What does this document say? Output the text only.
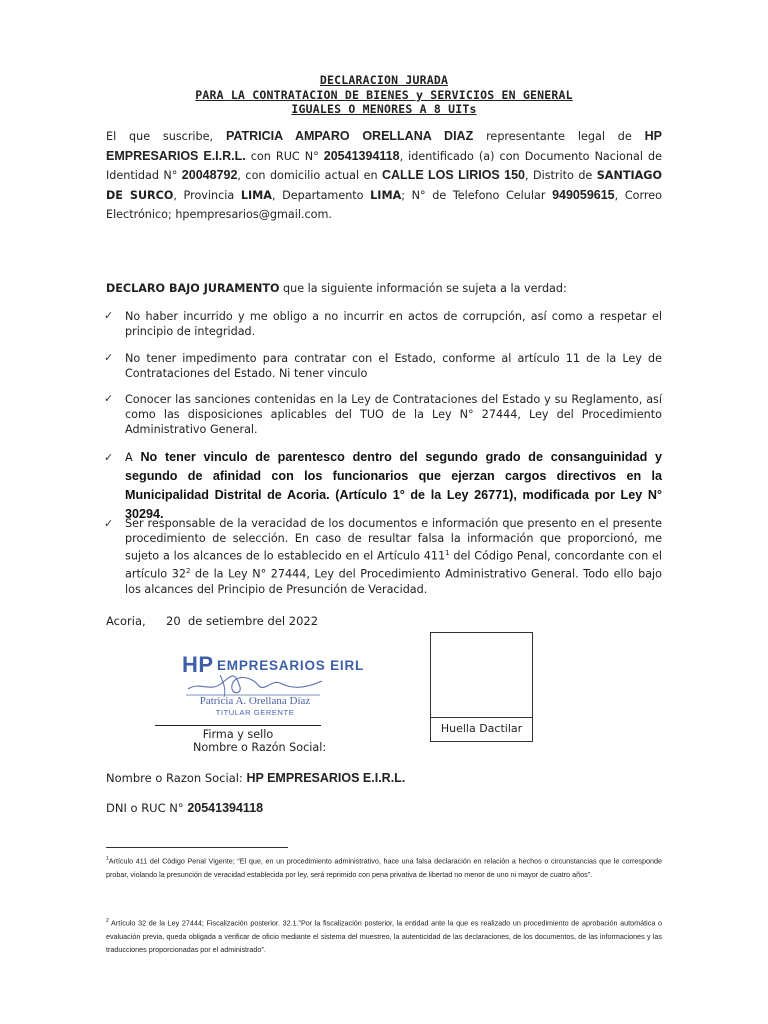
DECLARACION JURADA
PARA LA CONTRATACION DE BIENES y SERVICIOS EN GENERAL
IGUALES O MENORES A 8 UITs
El que suscribe, PATRICIA AMPARO ORELLANA DIAZ representante legal de HP EMPRESARIOS E.I.R.L. con RUC N° 20541394118, identificado (a) con Documento Nacional de Identidad N° 20048792, con domicilio actual en CALLE LOS LIRIOS 150, Distrito de SANTIAGO DE SURCO, Provincia LIMA, Departamento LIMA; N° de Telefono Celular 949059615, Correo Electrónico; hpempresarios@gmail.com.
DECLARO BAJO JURAMENTO que la siguiente información se sujeta a la verdad:
✓ No haber incurrido y me obligo a no incurrir en actos de corrupción, así como a respetar el principio de integridad.
✓ No tener impedimento para contratar con el Estado, conforme al artículo 11 de la Ley de Contrataciones del Estado. Ni tener vinculo
✓ Conocer las sanciones contenidas en la Ley de Contrataciones del Estado y su Reglamento, así como las disposiciones aplicables del TUO de la Ley N° 27444, Ley del Procedimiento Administrativo General.
✓ A No tener vinculo de parentesco dentro del segundo grado de consanguinidad y segundo de afinidad con los funcionarios que ejerzan cargos directivos en la Municipalidad Distrital de Acoria. (Artículo 1° de la Ley 26771), modificada por Ley N° 30294.
✓ Ser responsable de la veracidad de los documentos e información que presento en el presente procedimiento de selección. En caso de resultar falsa la información que proporcionó, me sujeto a los alcances de lo establecido en el Artículo $411^1$ del Código Penal, concordante con el artículo $32^2$ de la Ley N° 27444, Ley del Procedimiento Administrativo General. Todo ello bajo los alcances del Principio de Presunción de Veracidad.
Acoria, 20  de setiembre del 2022
HP EMPRESARIOS EIRL
Patricia A. Orellana Díaz
TITULAR GERENTE
Firma y sello
Nombre o Razón Social:
Huella Dactilar
Nombre o Razon Social: HP EMPRESARIOS E.I.R.L.
DNI o RUC N° 20541394118
$^1$Artículo 411 del Código Penal Vigente; “El que, en un procedimiento administrativo, hace una falsa declaración en relación a hechos o circunstancias que le corresponde probar, violando la presunción de veracidad establecida por ley, será reprimido con pena privativa de libertad no menor de uno ni mayor de cuatro años”.
$^2$ Artículo 32 de la Ley 27444; Fiscalización posterior. 32.1.”Por la fiscalización posterior, la entidad ante la que es realizado un procedimiento de aprobación automática o evaluación previa, queda obligada a verificar de oficio mediante el sistema del muestreo, la autenticidad de las declaraciones, de los documentos, de las informaciones y las traducciones proporcionadas por el administrado”.
